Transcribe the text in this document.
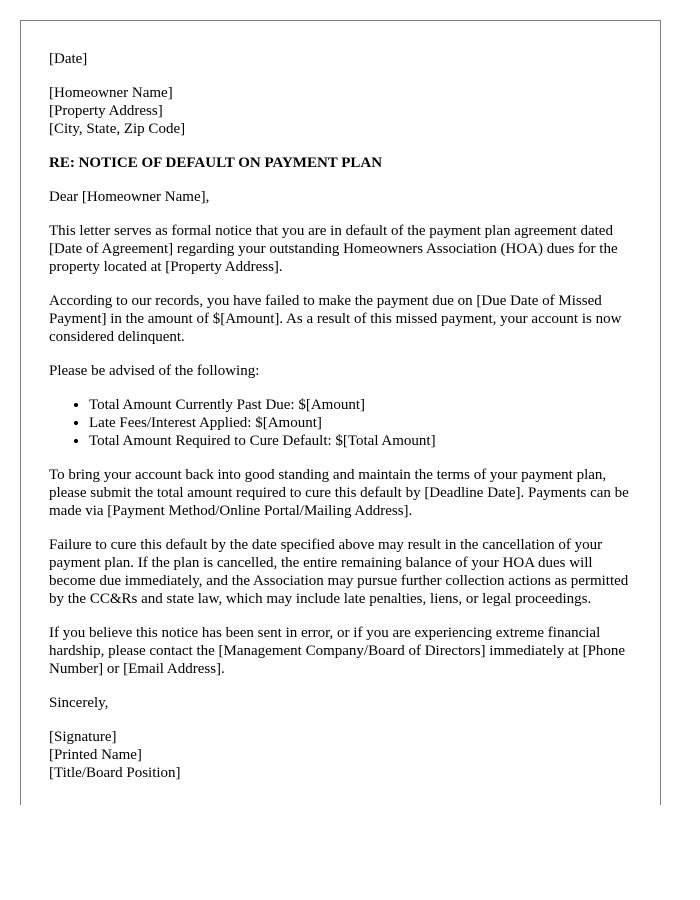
[Date]
[Homeowner Name]
[Property Address]
[City, State, Zip Code]
RE: NOTICE OF DEFAULT ON PAYMENT PLAN
Dear [Homeowner Name],
This letter serves as formal notice that you are in default of the payment plan agreement dated [Date of Agreement] regarding your outstanding Homeowners Association (HOA) dues for the property located at [Property Address].
According to our records, you have failed to make the payment due on [Due Date of Missed Payment] in the amount of $[Amount]. As a result of this missed payment, your account is now considered delinquent.
Please be advised of the following:
• Total Amount Currently Past Due: $[Amount]
• Late Fees/Interest Applied: $[Amount]
• Total Amount Required to Cure Default: $[Total Amount]
To bring your account back into good standing and maintain the terms of your payment plan, please submit the total amount required to cure this default by [Deadline Date]. Payments can be made via [Payment Method/Online Portal/Mailing Address].
Failure to cure this default by the date specified above may result in the cancellation of your payment plan. If the plan is cancelled, the entire remaining balance of your HOA dues will become due immediately, and the Association may pursue further collection actions as permitted by the CC&Rs and state law, which may include late penalties, liens, or legal proceedings.
If you believe this notice has been sent in error, or if you are experiencing extreme financial hardship, please contact the [Management Company/Board of Directors] immediately at [Phone Number] or [Email Address].
Sincerely,
[Signature]
[Printed Name]
[Title/Board Position]
